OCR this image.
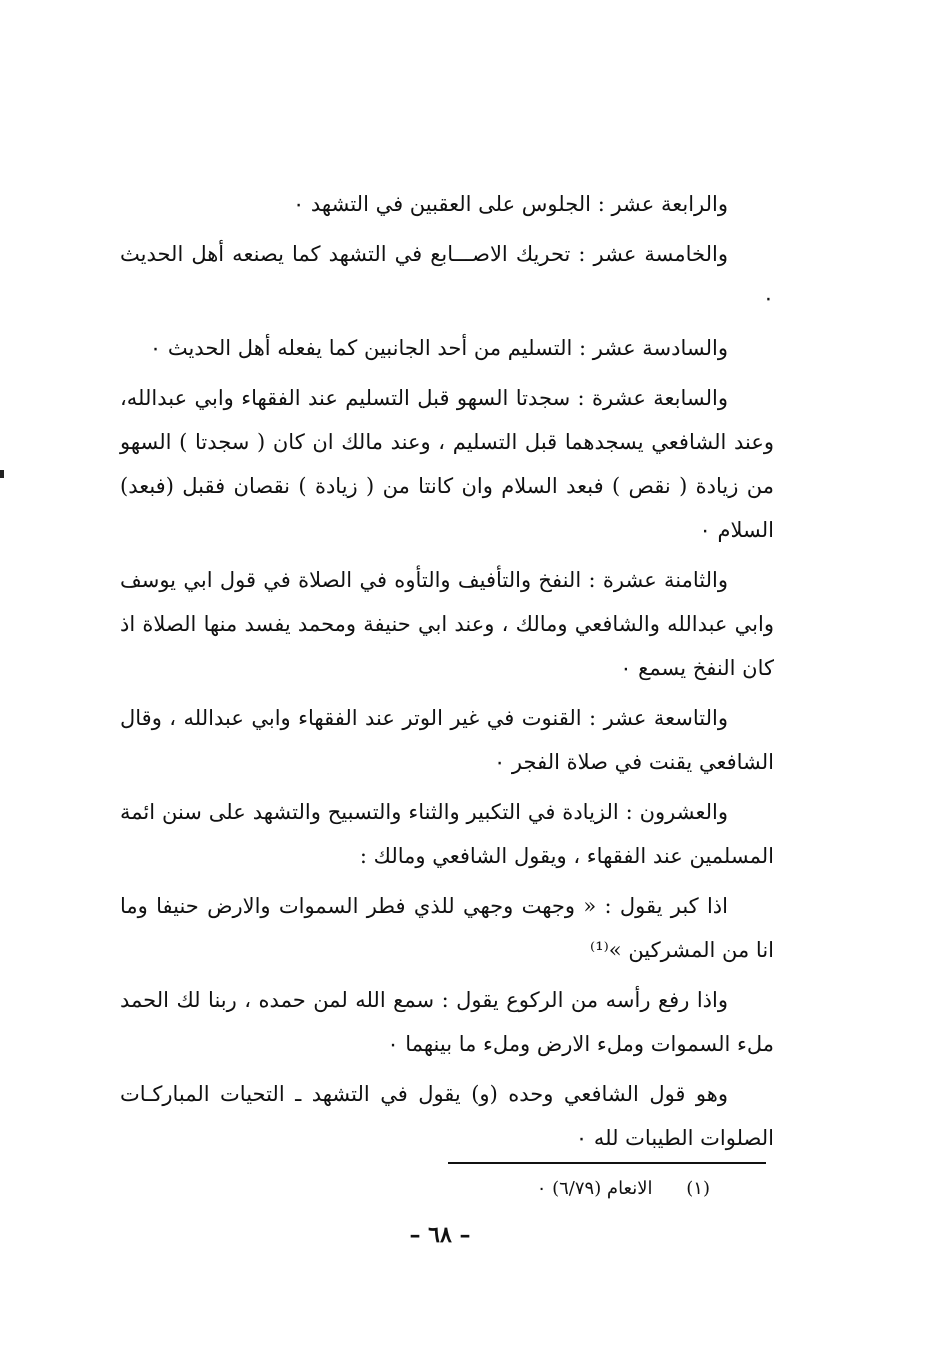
والرابعة عشر : الجلوس على العقبين في التشهد ٠

والخامسة عشر : تحريك الاصـــابع في التشهد كما يصنعه أهل الحديث ٠

والسادسة عشر : التسليم من أحد الجانبين كما يفعله أهل الحديث ٠

والسابعة عشرة : سجدتا السهو قبل التسليم عند الفقهاء وابي عبدالله، وعند الشافعي يسجدهما قبل التسليم ، وعند مالك ان كان ( سجدتا ) السهو من زيادة ( نقص ) فبعد السلام وان كانتا من ( زيادة ) نقصان فقبل (فبعد) السلام ٠

والثامنة عشرة : النفخ والتأفيف والتأوه في الصلاة في قول ابي يوسف وابي عبدالله والشافعي ومالك ، وعند ابي حنيفة ومحمد يفسد منها الصلاة اذ كان النفخ يسمع ٠

والتاسعة عشر : القنوت في غير الوتر عند الفقهاء وابي عبدالله ، وقال الشافعي يقنت في صلاة الفجر ٠

والعشرون : الزيادة في التكبير والثناء والتسبيح والتشهد على سنن ائمة المسلمين عند الفقهاء ، ويقول الشافعي ومالك :

اذا كبر يقول : « وجهت وجهي للذي فطر السموات والارض حنيفا وما انا من المشركين »⁽¹⁾

واذا رفع رأسه من الركوع يقول : سمع الله لمن حمده ، ربنا لك الحمد ملء السموات وملء الارض وملء ما بينهما ٠

وهو قول الشافعي وحده (و) يقول في التشهد ـ التحيات المباركـات الصلوات الطيبات لله ٠

(١) الانعام (٦/٧٩) ٠
– ٦٨ –
